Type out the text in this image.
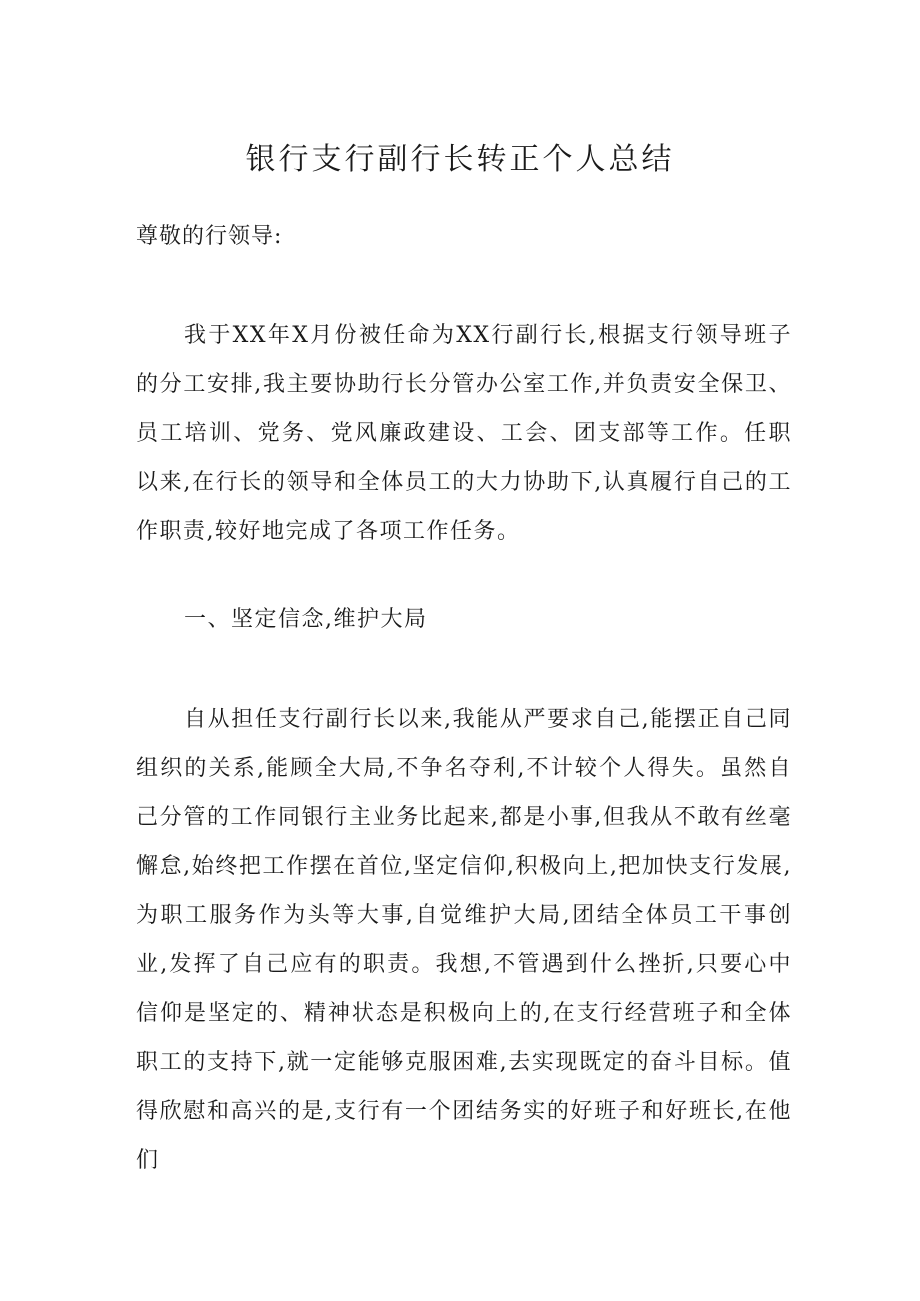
银行支行副行长转正个人总结

尊敬的行领导:

我于XX年X月份被任命为XX行副行长,根据支行领导班子的分工安排,我主要协助行长分管办公室工作,并负责安全保卫、员工培训、党务、党风廉政建设、工会、团支部等工作。任职以来,在行长的领导和全体员工的大力协助下,认真履行自己的工作职责,较好地完成了各项工作任务。

一、坚定信念,维护大局

自从担任支行副行长以来,我能从严要求自己,能摆正自己同组织的关系,能顾全大局,不争名夺利,不计较个人得失。虽然自己分管的工作同银行主业务比起来,都是小事,但我从不敢有丝毫懈怠,始终把工作摆在首位,坚定信仰,积极向上,把加快支行发展,为职工服务作为头等大事,自觉维护大局,团结全体员工干事创业,发挥了自己应有的职责。我想,不管遇到什么挫折,只要心中信仰是坚定的、精神状态是积极向上的,在支行经营班子和全体职工的支持下,就一定能够克服困难,去实现既定的奋斗目标。值得欣慰和高兴的是,支行有一个团结务实的好班子和好班长,在他们
